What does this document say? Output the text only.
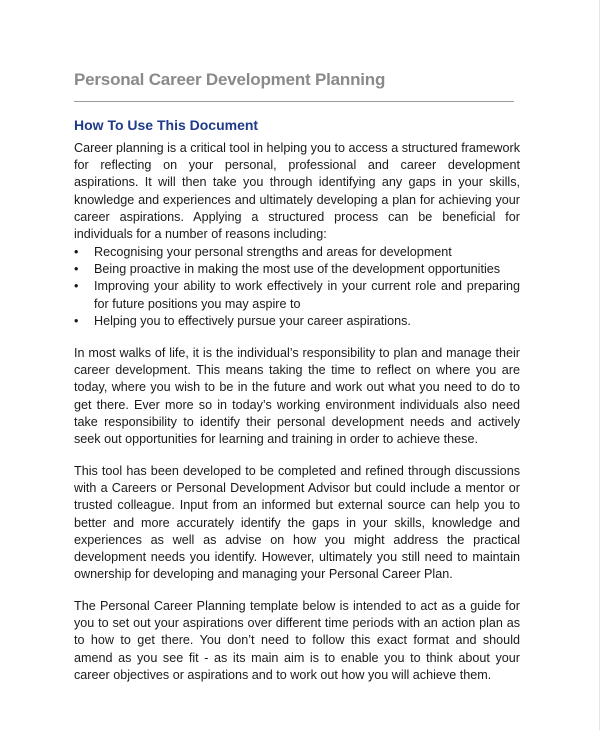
Personal Career Development Planning
How To Use This Document

Career planning is a critical tool in helping you to access a structured framework for reflecting on your personal, professional and career development aspirations. It will then take you through identifying any gaps in your skills, knowledge and experiences and ultimately developing a plan for achieving your career aspirations. Applying a structured process can be beneficial for individuals for a number of reasons including:

•	Recognising your personal strengths and areas for development
•	Being proactive in making the most use of the development opportunities
•	Improving your ability to work effectively in your current role and preparing for future positions you may aspire to
•	Helping you to effectively pursue your career aspirations.

In most walks of life, it is the individual’s responsibility to plan and manage their career development. This means taking the time to reflect on where you are today, where you wish to be in the future and work out what you need to do to get there. Ever more so in today’s working environment individuals also need take responsibility to identify their personal development needs and actively seek out opportunities for learning and training in order to achieve these.

This tool has been developed to be completed and refined through discussions with a Careers or Personal Development Advisor but could include a mentor or trusted colleague. Input from an informed but external source can help you to better and more accurately identify the gaps in your skills, knowledge and experiences as well as advise on how you might address the practical development needs you identify. However, ultimately you still need to maintain ownership for developing and managing your Personal Career Plan.

The Personal Career Planning template below is intended to act as a guide for you to set out your aspirations over different time periods with an action plan as to how to get there. You don’t need to follow this exact format and should amend as you see fit - as its main aim is to enable you to think about your career objectives or aspirations and to work out how you will achieve them.
